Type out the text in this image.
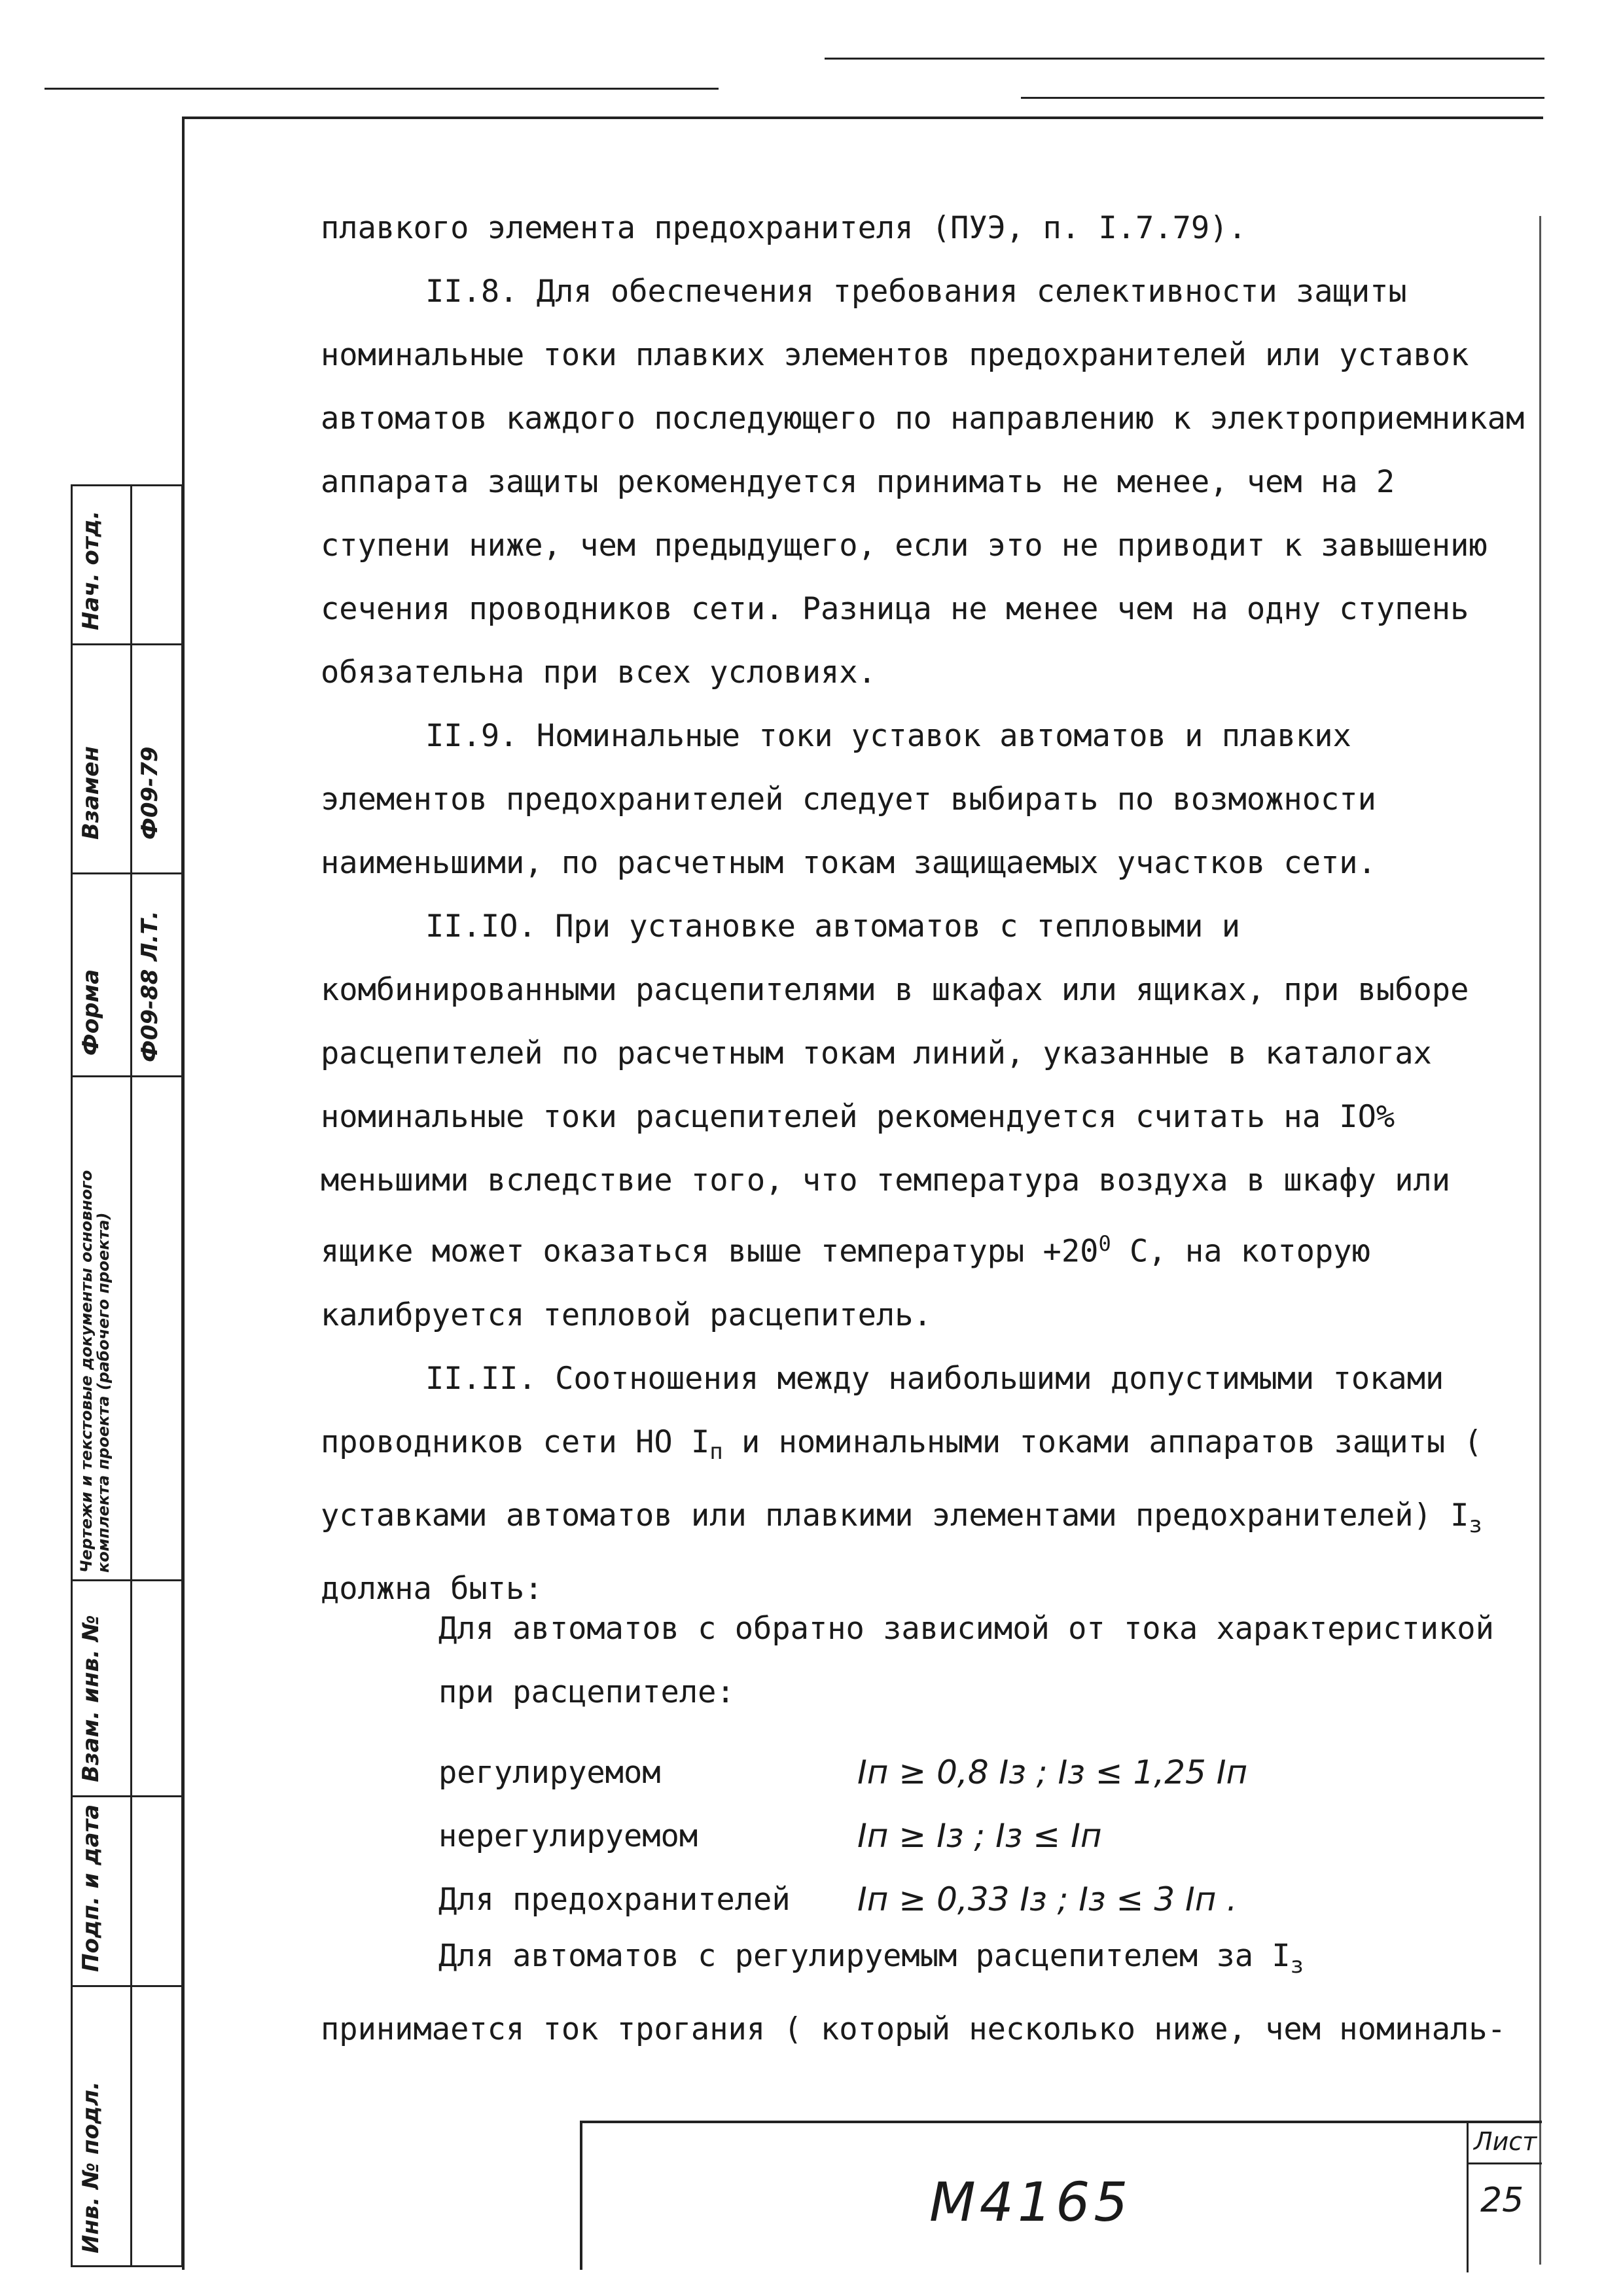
Нач. отд.
Взамен Ф09-79
Форма Ф09-88 Л.Т.
Чертежи и текстовые документы основного комплекта проекта (рабочего проекта)
Взам. инв. №
Подп. и дата
Инв. № подл.

плавкого элемента предохранителя (ПУЭ, п. I.7.79).

II.8. Для обеспечения требования селективности защиты номинальные токи плавких элементов предохранителей или уставок автоматов каждого последующего по направлению к электроприемникам аппарата защиты рекомендуется принимать не менее, чем на 2 ступени ниже, чем предыдущего, если это не приводит к завышению сечения проводников сети. Разница не менее чем на одну ступень обязательна при всех условиях.

II.9. Номинальные токи уставок автоматов и плавких элементов предохранителей следует выбирать по возможности наименьшими, по расчетным токам защищаемых участков сети.

II.IO. При установке автоматов с тепловыми и комбинированными расцепителями в шкафах или ящиках, при выборе расцепителей по расчетным токам линий, указанные в каталогах номинальные токи расцепителей рекомендуется считать на IO% меньшими вследствие того, что температура воздуха в шкафу или ящике может оказаться выше температуры $+20^0$ C, на которую калибруется тепловой расцепитель.

II.II. Соотношения между наибольшими допустимыми токами проводников сети НО $I_п$ и номинальными токами аппаратов защиты ( уставками автоматов или плавкими элементами предохранителей) $I_з$ должна быть:

Для автоматов с обратно зависимой от тока характеристикой
при расцепителе:
регулируемом	Iп ≥ 0,8 Iз ; Iз ≤ 1,25 Iп
нерегулируемом	Iп ≥ Iз ; Iз ≤ Iп
Для предохранителей Iп ≥ 0,33 Iз ; Iз ≤ 3 Iп .

Для автоматов с регулируемым расцепителем за $I_з$

принимается ток трогания ( который несколько ниже, чем номиналь-

М4165
Лист
25
